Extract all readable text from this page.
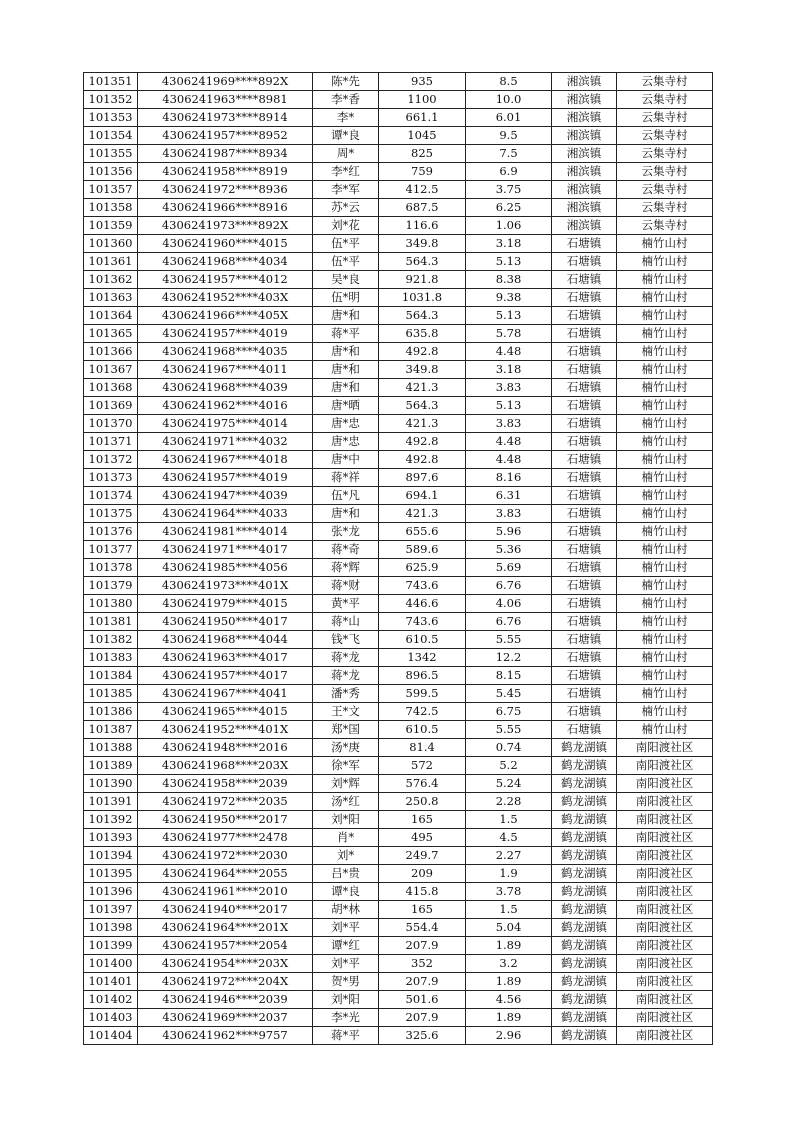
101351	4306241969****892X	陈*先	935	8.5	湘滨镇	云集寺村
101352	4306241963****8981	李*香	1100	10.0	湘滨镇	云集寺村
101353	4306241973****8914	李*	661.1	6.01	湘滨镇	云集寺村
101354	4306241957****8952	谭*良	1045	9.5	湘滨镇	云集寺村
101355	4306241987****8934	周*	825	7.5	湘滨镇	云集寺村
101356	4306241958****8919	李*红	759	6.9	湘滨镇	云集寺村
101357	4306241972****8936	李*军	412.5	3.75	湘滨镇	云集寺村
101358	4306241966****8916	苏*云	687.5	6.25	湘滨镇	云集寺村
101359	4306241973****892X	刘*花	116.6	1.06	湘滨镇	云集寺村
101360	4306241960****4015	伍*平	349.8	3.18	石塘镇	楠竹山村
101361	4306241968****4034	伍*平	564.3	5.13	石塘镇	楠竹山村
101362	4306241957****4012	吴*良	921.8	8.38	石塘镇	楠竹山村
101363	4306241952****403X	伍*明	1031.8	9.38	石塘镇	楠竹山村
101364	4306241966****405X	唐*和	564.3	5.13	石塘镇	楠竹山村
101365	4306241957****4019	蒋*平	635.8	5.78	石塘镇	楠竹山村
101366	4306241968****4035	唐*和	492.8	4.48	石塘镇	楠竹山村
101367	4306241967****4011	唐*和	349.8	3.18	石塘镇	楠竹山村
101368	4306241968****4039	唐*和	421.3	3.83	石塘镇	楠竹山村
101369	4306241962****4016	唐*晒	564.3	5.13	石塘镇	楠竹山村
101370	4306241975****4014	唐*忠	421.3	3.83	石塘镇	楠竹山村
101371	4306241971****4032	唐*忠	492.8	4.48	石塘镇	楠竹山村
101372	4306241967****4018	唐*中	492.8	4.48	石塘镇	楠竹山村
101373	4306241957****4019	蒋*祥	897.6	8.16	石塘镇	楠竹山村
101374	4306241947****4039	伍*凡	694.1	6.31	石塘镇	楠竹山村
101375	4306241964****4033	唐*和	421.3	3.83	石塘镇	楠竹山村
101376	4306241981****4014	张*龙	655.6	5.96	石塘镇	楠竹山村
101377	4306241971****4017	蒋*奇	589.6	5.36	石塘镇	楠竹山村
101378	4306241985****4056	蒋*辉	625.9	5.69	石塘镇	楠竹山村
101379	4306241973****401X	蒋*财	743.6	6.76	石塘镇	楠竹山村
101380	4306241979****4015	黄*平	446.6	4.06	石塘镇	楠竹山村
101381	4306241950****4017	蒋*山	743.6	6.76	石塘镇	楠竹山村
101382	4306241968****4044	钱*飞	610.5	5.55	石塘镇	楠竹山村
101383	4306241963****4017	蒋*龙	1342	12.2	石塘镇	楠竹山村
101384	4306241957****4017	蒋*龙	896.5	8.15	石塘镇	楠竹山村
101385	4306241967****4041	潘*秀	599.5	5.45	石塘镇	楠竹山村
101386	4306241965****4015	王*文	742.5	6.75	石塘镇	楠竹山村
101387	4306241952****401X	郑*国	610.5	5.55	石塘镇	楠竹山村
101388	4306241948****2016	汤*庚	81.4	0.74	鹤龙湖镇	南阳渡社区
101389	4306241968****203X	徐*军	572	5.2	鹤龙湖镇	南阳渡社区
101390	4306241958****2039	刘*辉	576.4	5.24	鹤龙湖镇	南阳渡社区
101391	4306241972****2035	汤*红	250.8	2.28	鹤龙湖镇	南阳渡社区
101392	4306241950****2017	刘*阳	165	1.5	鹤龙湖镇	南阳渡社区
101393	4306241977****2478	肖*	495	4.5	鹤龙湖镇	南阳渡社区
101394	4306241972****2030	刘*	249.7	2.27	鹤龙湖镇	南阳渡社区
101395	4306241964****2055	吕*贵	209	1.9	鹤龙湖镇	南阳渡社区
101396	4306241961****2010	谭*良	415.8	3.78	鹤龙湖镇	南阳渡社区
101397	4306241940****2017	胡*林	165	1.5	鹤龙湖镇	南阳渡社区
101398	4306241964****201X	刘*平	554.4	5.04	鹤龙湖镇	南阳渡社区
101399	4306241957****2054	谭*红	207.9	1.89	鹤龙湖镇	南阳渡社区
101400	4306241954****203X	刘*平	352	3.2	鹤龙湖镇	南阳渡社区
101401	4306241972****204X	贺*男	207.9	1.89	鹤龙湖镇	南阳渡社区
101402	4306241946****2039	刘*阳	501.6	4.56	鹤龙湖镇	南阳渡社区
101403	4306241969****2037	李*光	207.9	1.89	鹤龙湖镇	南阳渡社区
101404	4306241962****9757	蒋*平	325.6	2.96	鹤龙湖镇	南阳渡社区
